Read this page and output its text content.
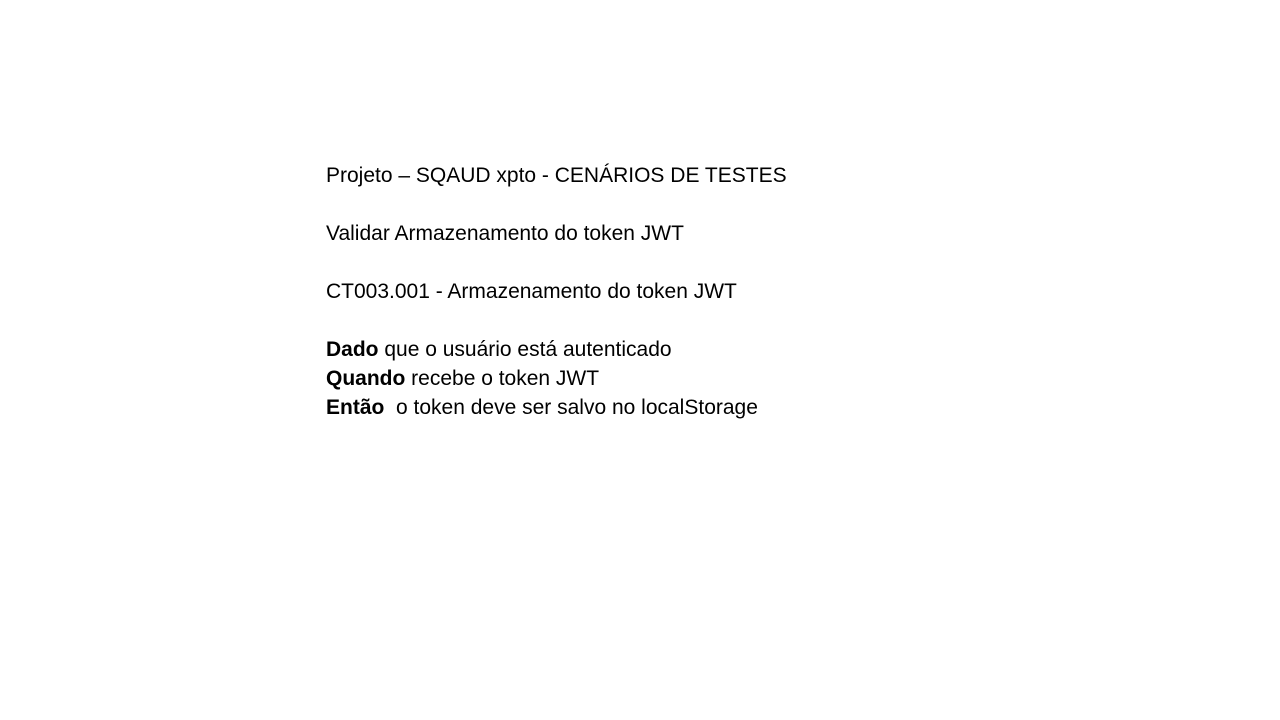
Projeto – SQAUD xpto - CENÁRIOS DE TESTES
Validar Armazenamento do token JWT
CT003.001 - Armazenamento do token JWT
Dado que o usuário está autenticado
Quando recebe o token JWT
Então  o token deve ser salvo no localStorage
